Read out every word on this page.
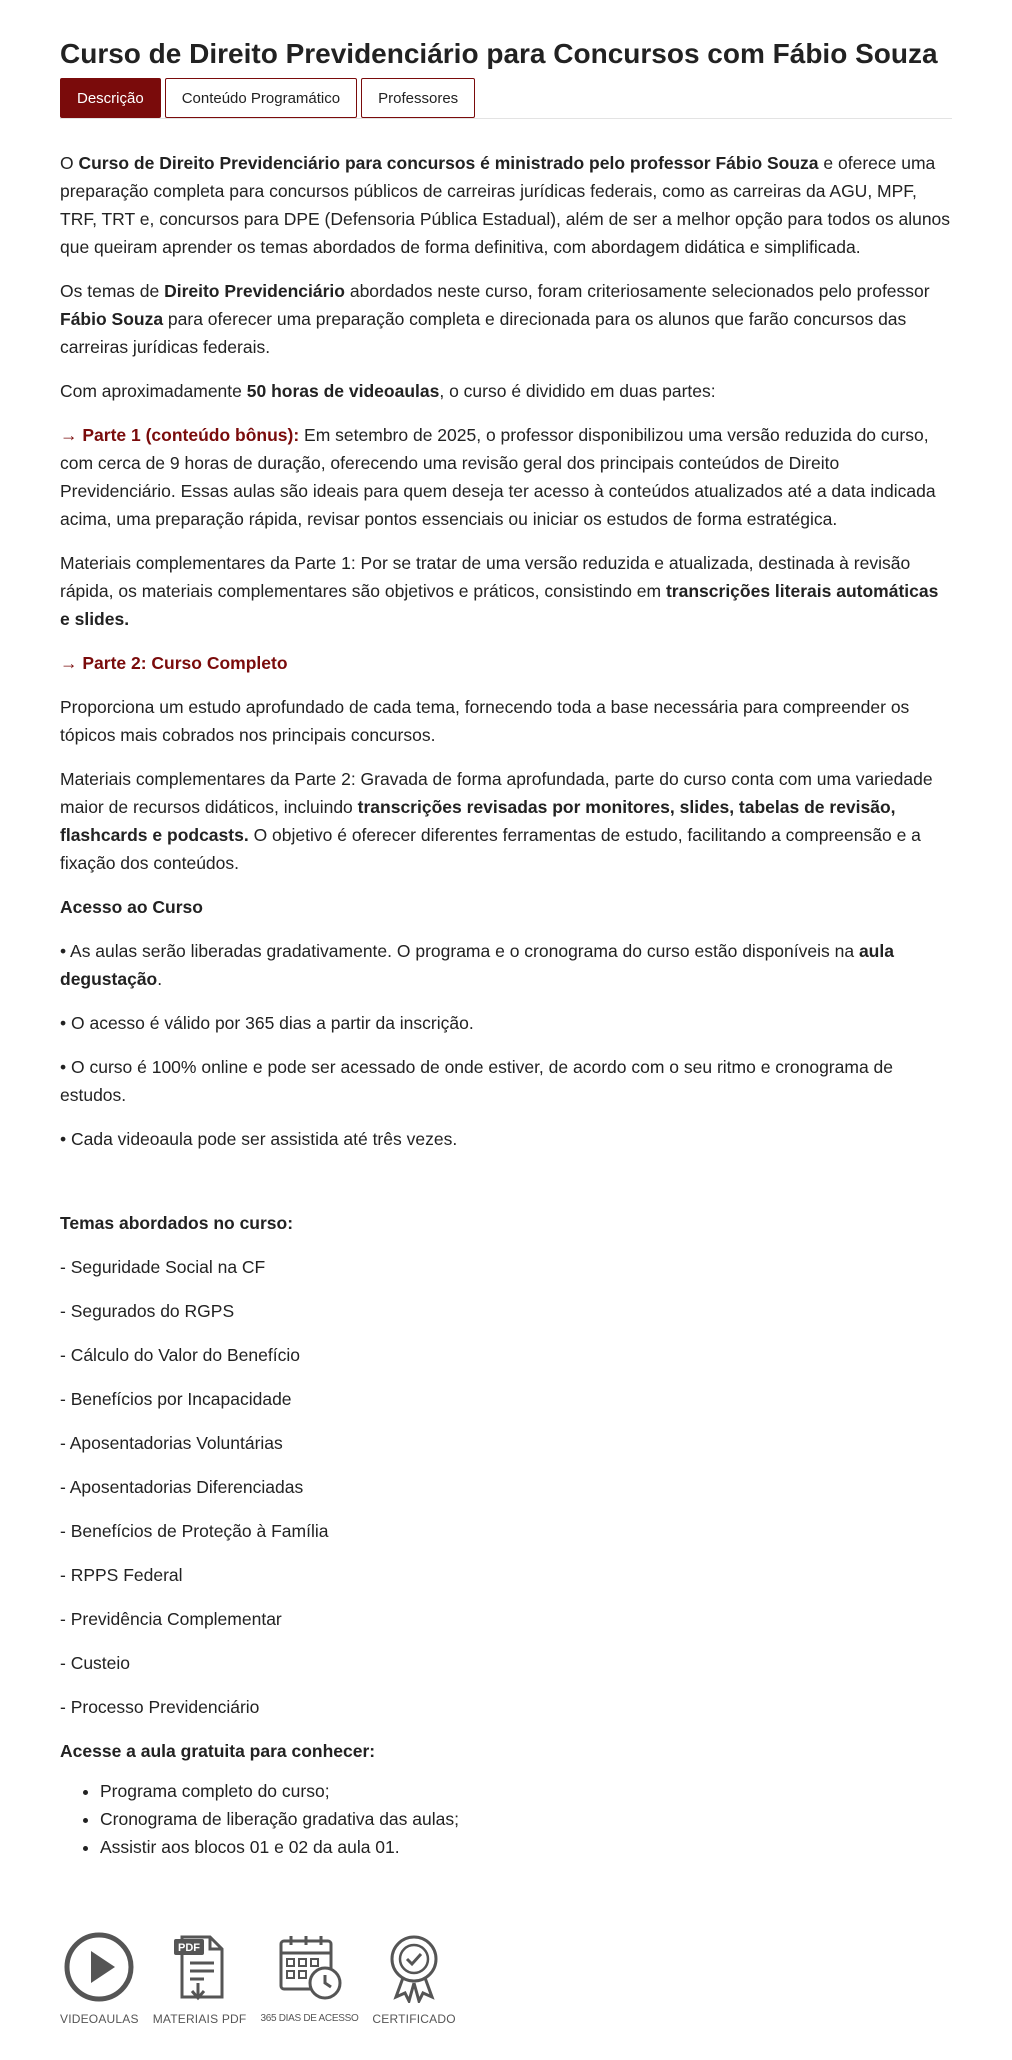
Curso de Direito Previdenciário para Concursos com Fábio Souza
Descrição	Conteúdo Programático	Professores

O Curso de Direito Previdenciário para concursos é ministrado pelo professor Fábio Souza e oferece uma preparação completa para concursos públicos de carreiras jurídicas federais, como as carreiras da AGU, MPF, TRF, TRT e, concursos para DPE (Defensoria Pública Estadual), além de ser a melhor opção para todos os alunos que queiram aprender os temas abordados de forma definitiva, com abordagem didática e simplificada.

Os temas de Direito Previdenciário abordados neste curso, foram criteriosamente selecionados pelo professor Fábio Souza para oferecer uma preparação completa e direcionada para os alunos que farão concursos das carreiras jurídicas federais.

Com aproximadamente 50 horas de videoaulas, o curso é dividido em duas partes:

→ Parte 1 (conteúdo bônus): Em setembro de 2025, o professor disponibilizou uma versão reduzida do curso, com cerca de 9 horas de duração, oferecendo uma revisão geral dos principais conteúdos de Direito Previdenciário. Essas aulas são ideais para quem deseja ter acesso à conteúdos atualizados até a data indicada acima, uma preparação rápida, revisar pontos essenciais ou iniciar os estudos de forma estratégica.

Materiais complementares da Parte 1: Por se tratar de uma versão reduzida e atualizada, destinada à revisão rápida, os materiais complementares são objetivos e práticos, consistindo em transcrições literais automáticas e slides.

→ Parte 2: Curso Completo

Proporciona um estudo aprofundado de cada tema, fornecendo toda a base necessária para compreender os tópicos mais cobrados nos principais concursos.

Materiais complementares da Parte 2: Gravada de forma aprofundada, parte do curso conta com uma variedade maior de recursos didáticos, incluindo transcrições revisadas por monitores, slides, tabelas de revisão, flashcards e podcasts. O objetivo é oferecer diferentes ferramentas de estudo, facilitando a compreensão e a fixação dos conteúdos.

Acesso ao Curso

• As aulas serão liberadas gradativamente. O programa e o cronograma do curso estão disponíveis na aula degustação.

• O acesso é válido por 365 dias a partir da inscrição.

• O curso é 100% online e pode ser acessado de onde estiver, de acordo com o seu ritmo e cronograma de estudos.

• Cada videoaula pode ser assistida até três vezes.

Temas abordados no curso:

- Seguridade Social na CF

- Segurados do RGPS

- Cálculo do Valor do Benefício

- Benefícios por Incapacidade

- Aposentadorias Voluntárias

- Aposentadorias Diferenciadas

- Benefícios de Proteção à Família

- RPPS Federal

- Previdência Complementar

- Custeio

- Processo Previdenciário

Acesse a aula gratuita para conhecer:

• Programa completo do curso;
• Cronograma de liberação gradativa das aulas;
• Assistir aos blocos 01 e 02 da aula 01.
VIDEOAULAS
PDF
MATERIAIS PDF 365 DIAS DE ACESSO CERTIFICADO
